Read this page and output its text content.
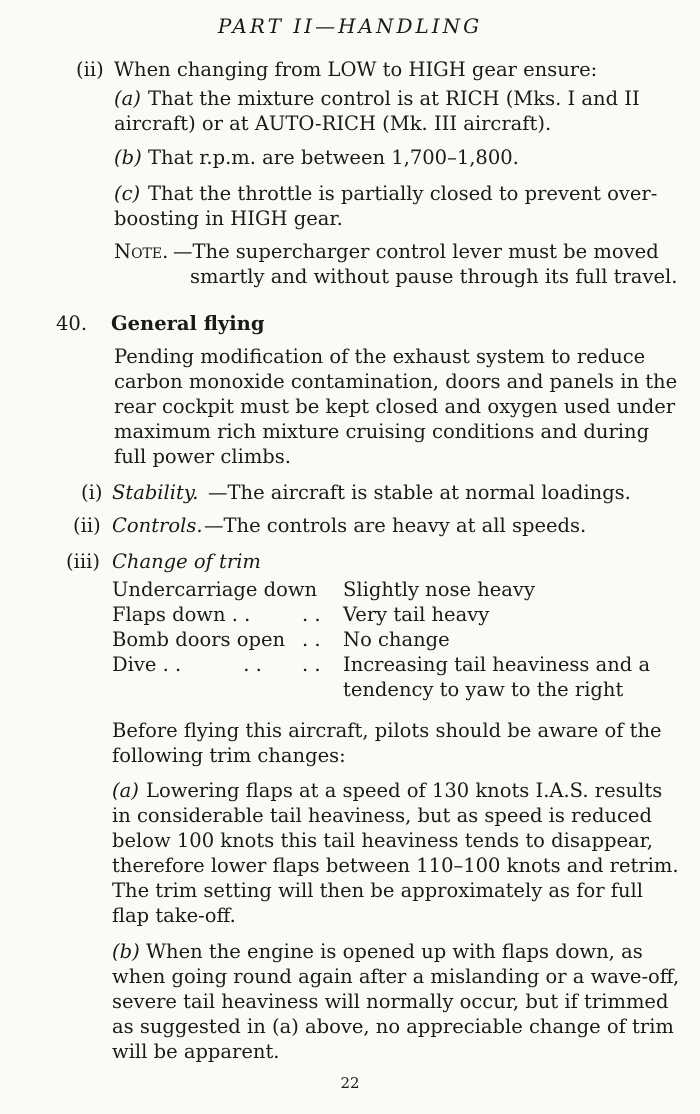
PART II—HANDLING
(ii) When changing from LOW to HIGH gear ensure:
(a) That the mixture control is at RICH (Mks. I and II
aircraft) or at AUTO-RICH (Mk. III aircraft).
(b) That r.p.m. are between 1,700–1,800.
(c) That the throttle is partially closed to prevent over-
boosting in HIGH gear.
Note. —The supercharger control lever must be moved
smartly and without pause through its full travel.
40. General flying
Pending modification of the exhaust system to reduce
carbon monoxide contamination, doors and panels in the
rear cockpit must be kept closed and oxygen used under
maximum rich mixture cruising conditions and during
full power climbs.
(i) Stability. —The aircraft is stable at normal loadings.
(ii) Controls. —The controls are heavy at all speeds.
(iii) Change of trim
Undercarriage down Slightly nose heavy
Flaps down . .	. . Very tail heavy
Bomb doors open . . No change
Dive . .          . . . . Increasing tail heaviness and a
tendency to yaw to the right
Before flying this aircraft, pilots should be aware of the
following trim changes:
(a) Lowering flaps at a speed of 130 knots I.A.S. results
in considerable tail heaviness, but as speed is reduced
below 100 knots this tail heaviness tends to disappear,
therefore lower flaps between 110–100 knots and retrim.
The trim setting will then be approximately as for full
flap take-off.
(b) When the engine is opened up with flaps down, as
when going round again after a mislanding or a wave-off,
severe tail heaviness will normally occur, but if trimmed
as suggested in (a) above, no appreciable change of trim
will be apparent.
22
